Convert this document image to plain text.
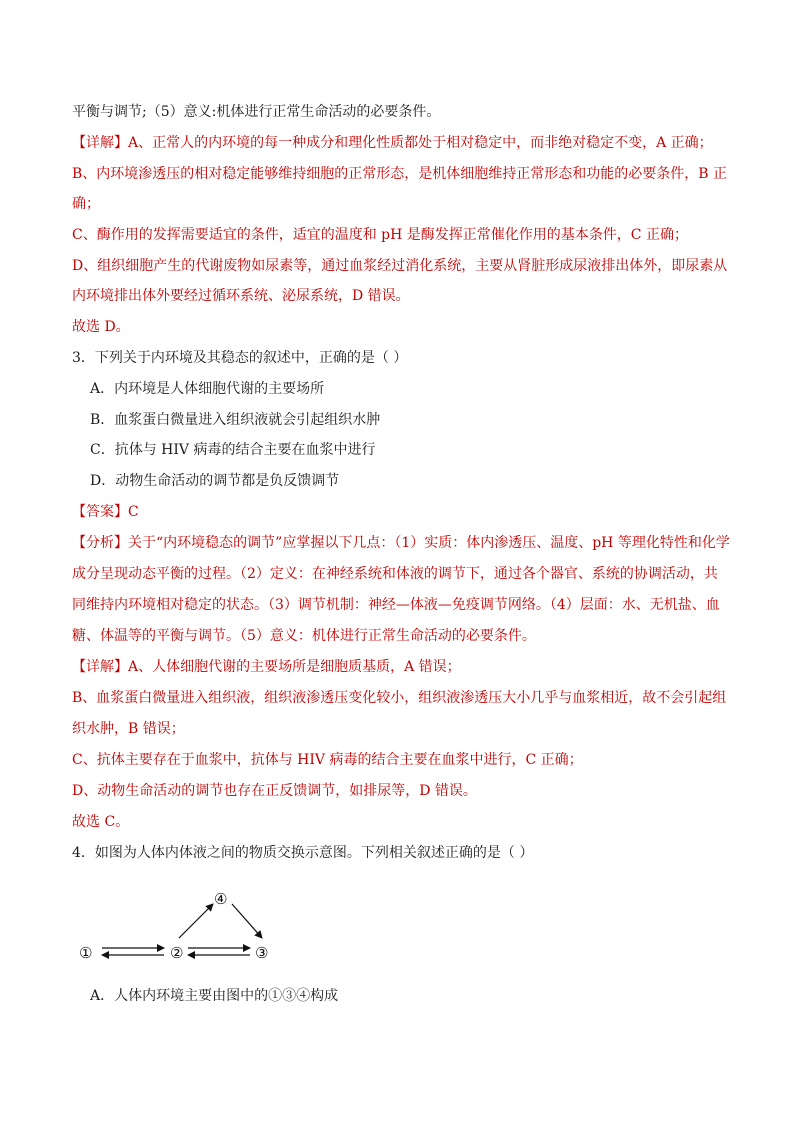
平衡与调节;（5）意义:机体进行正常生命活动的必要条件。
【详解】A、正常人的内环境的每一种成分和理化性质都处于相对稳定中，而非绝对稳定不变，A 正确；
B、内环境渗透压的相对稳定能够维持细胞的正常形态，是机体细胞维持正常形态和功能的必要条件，B 正
确；
C、酶作用的发挥需要适宜的条件，适宜的温度和 pH 是酶发挥正常催化作用的基本条件，C 正确；
D、组织细胞产生的代谢废物如尿素等，通过血浆经过消化系统，主要从肾脏形成尿液排出体外，即尿素从
内环境排出体外要经过循环系统、泌尿系统，D 错误。
故选 D。
3．下列关于内环境及其稳态的叙述中，正确的是（ ）
A．内环境是人体细胞代谢的主要场所
B．血浆蛋白微量进入组织液就会引起组织水肿
C．抗体与 HIV 病毒的结合主要在血浆中进行
D．动物生命活动的调节都是负反馈调节
【答案】C
【分析】关于“内环境稳态的调节”应掌握以下几点：（1）实质：体内渗透压、温度、pH 等理化特性和化学
成分呈现动态平衡的过程。（2）定义：在神经系统和体液的调节下，通过各个器官、系统的协调活动，共
同维持内环境相对稳定的状态。（3）调节机制：神经—体液—免疫调节网络。（4）层面：水、无机盐、血
糖、体温等的平衡与调节。（5）意义：机体进行正常生命活动的必要条件。
【详解】A、人体细胞代谢的主要场所是细胞质基质，A 错误；
B、血浆蛋白微量进入组织液，组织液渗透压变化较小，组织液渗透压大小几乎与血浆相近，故不会引起组
织水肿，B 错误；
C、抗体主要存在于血浆中，抗体与 HIV 病毒的结合主要在血浆中进行，C 正确；
D、动物生命活动的调节也存在正反馈调节，如排尿等，D 错误。
故选 C。
4．如图为人体内体液之间的物质交换示意图。下列相关叙述正确的是（ ）
①	②	③
④
A．人体内环境主要由图中的①③④构成
